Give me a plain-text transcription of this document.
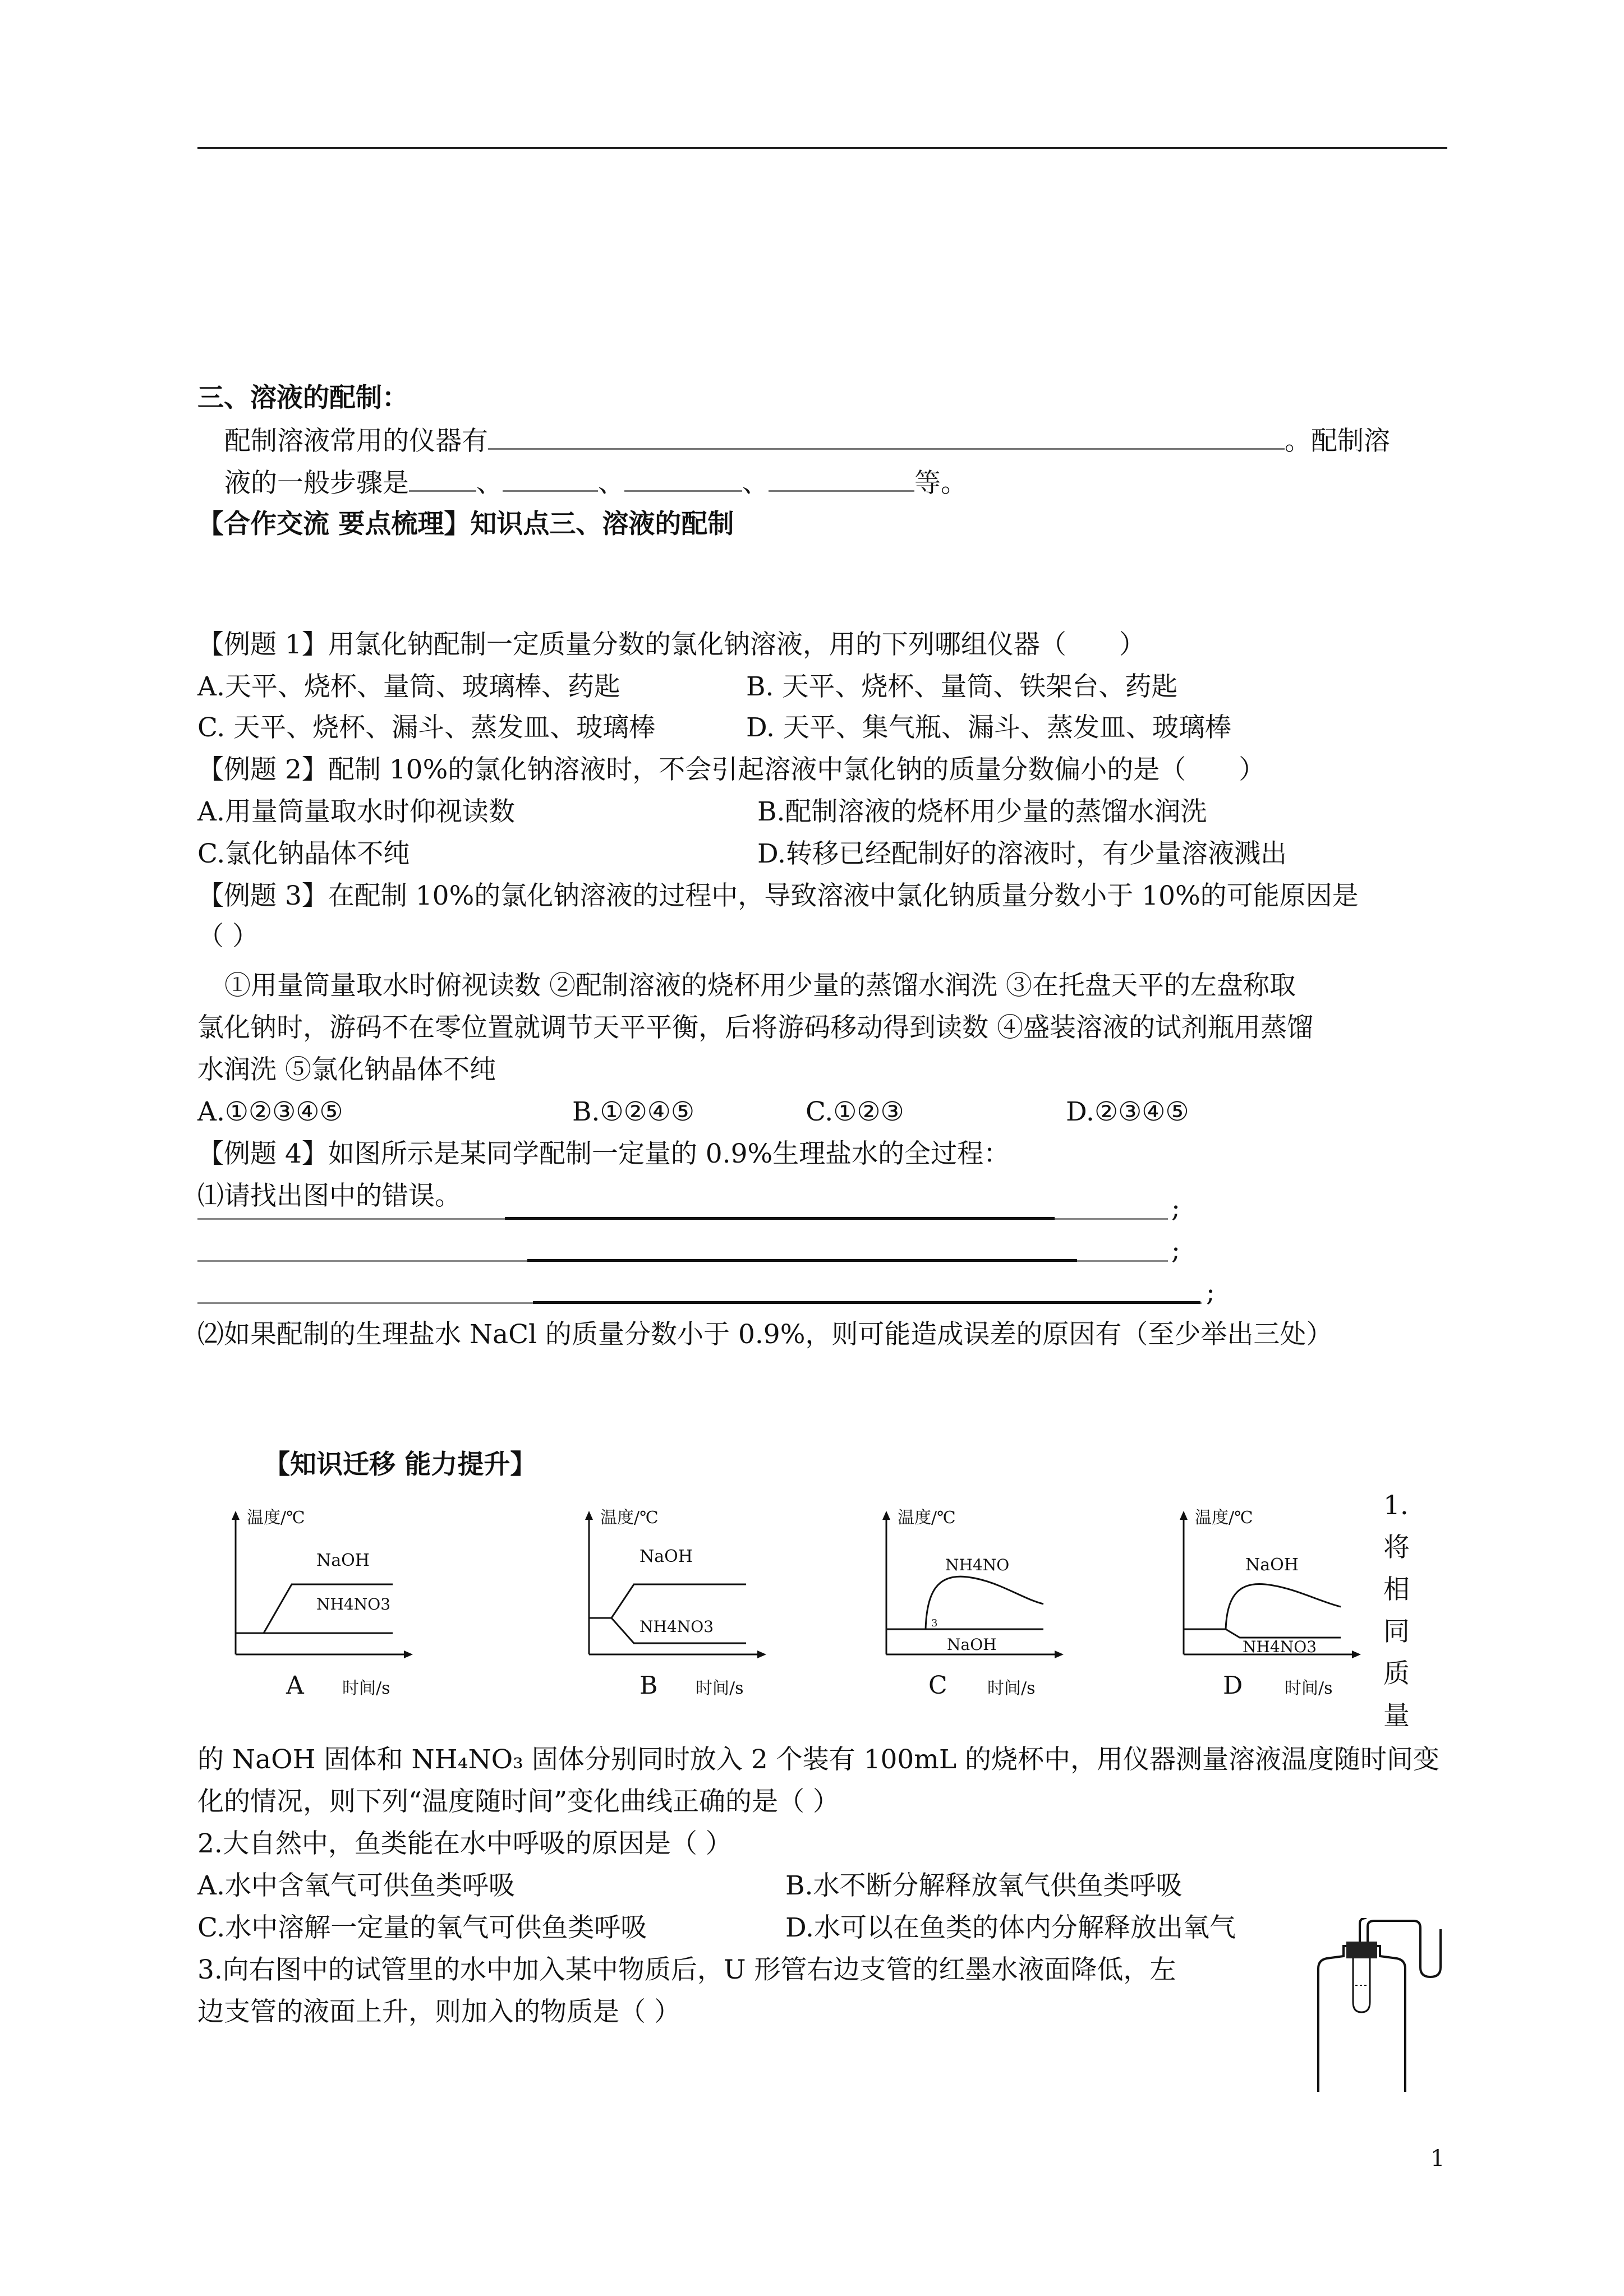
三、溶液的配制：
配制溶液常用的仪器有	。配制溶
液的一般步骤是	、	、	、	等。
【合作交流 要点梳理】知识点三、溶液的配制
【例题 1】用氯化钠配制一定质量分数的氯化钠溶液，用的下列哪组仪器（　　）
A.天平、烧杯、量筒、玻璃棒、药匙	B. 天平、烧杯、量筒、铁架台、药匙
C. 天平、烧杯、漏斗、蒸发皿、玻璃棒	D. 天平、集气瓶、漏斗、蒸发皿、玻璃棒
【例题 2】配制 10%的氯化钠溶液时，不会引起溶液中氯化钠的质量分数偏小的是（　　）
A.用量筒量取水时仰视读数	B.配制溶液的烧杯用少量的蒸馏水润洗
C.氯化钠晶体不纯	D.转移已经配制好的溶液时，有少量溶液溅出
【例题 3】在配制 10%的氯化钠溶液的过程中，导致溶液中氯化钠质量分数小于 10%的可能原因是
（ ）
①用量筒量取水时俯视读数 ②配制溶液的烧杯用少量的蒸馏水润洗 ③在托盘天平的左盘称取
氯化钠时，游码不在零位置就调节天平平衡，后将游码移动得到读数 ④盛装溶液的试剂瓶用蒸馏
水润洗 ⑤氯化钠晶体不纯
A.①②③④⑤	B.①②④⑤	C.①②③	D.②③④⑤
【例题 4】如图所示是某同学配制一定量的 0.9%生理盐水的全过程：
⑴请找出图中的错误。	;
;
;
⑵如果配制的生理盐水 NaCl 的质量分数小于 0.9%，则可能造成误差的原因有（至少举出三处）
【知识迁移 能力提升】
温度/℃
NaOH
NH4NO3
A 时间/s
温度/℃
NaOH
NH4NO3
B 时间/s
温度/℃
NH4NO
3
NaOH
C 时间/s
温度/℃
NaOH
NH4NO3
D 时间/s
1.
将
相
同
质
量
的 NaOH 固体和 NH₄NO₃ 固体分别同时放入 2 个装有 100mL 的烧杯中，用仪器测量溶液温度随时间变
化的情况，则下列“温度随时间”变化曲线正确的是（ ）
2.大自然中，鱼类能在水中呼吸的原因是（ ）
A.水中含氧气可供鱼类呼吸	B.水不断分解释放氧气供鱼类呼吸
C.水中溶解一定量的氧气可供鱼类呼吸	D.水可以在鱼类的体内分解释放出氧气
3.向右图中的试管里的水中加入某中物质后，U 形管右边支管的红墨水液面降低，左
边支管的液面上升，则加入的物质是（ ）
1
